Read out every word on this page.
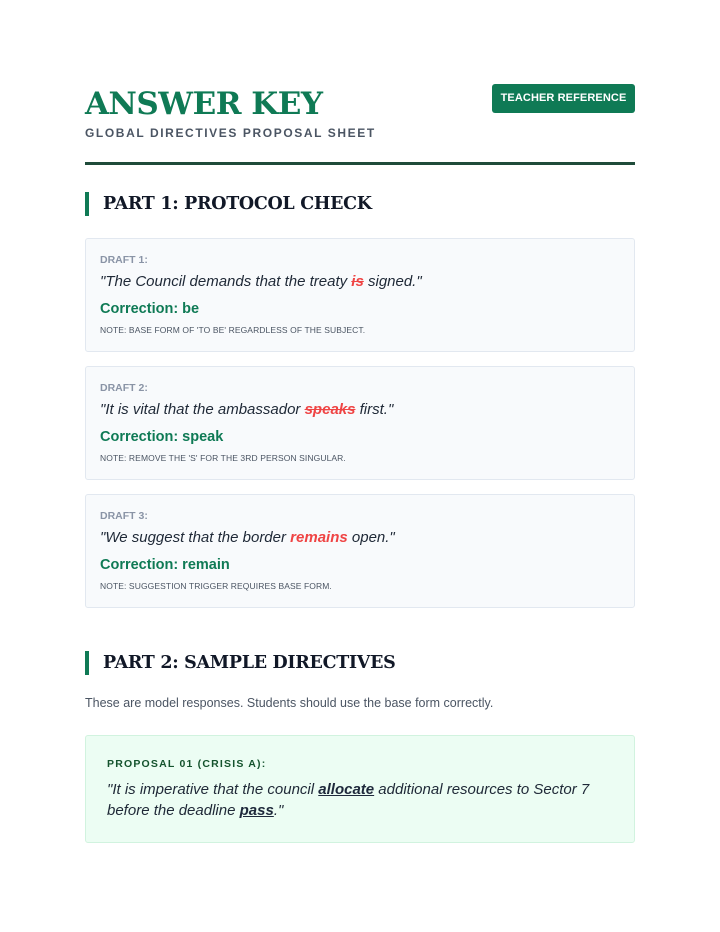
ANSWER KEY
GLOBAL DIRECTIVES PROPOSAL SHEET
TEACHER REFERENCE
PART 1: PROTOCOL CHECK
DRAFT 1:
"The Council demands that the treaty is signed."
Correction: be
NOTE: BASE FORM OF 'TO BE' REGARDLESS OF THE SUBJECT.
DRAFT 2:
"It is vital that the ambassador speaks first."
Correction: speak
NOTE: REMOVE THE 'S' FOR THE 3RD PERSON SINGULAR.
DRAFT 3:
"We suggest that the border remains open."
Correction: remain
NOTE: SUGGESTION TRIGGER REQUIRES BASE FORM.
PART 2: SAMPLE DIRECTIVES
These are model responses. Students should use the base form correctly.
PROPOSAL 01 (CRISIS A):
"It is imperative that the council allocate additional resources to Sector 7 before the deadline pass."
